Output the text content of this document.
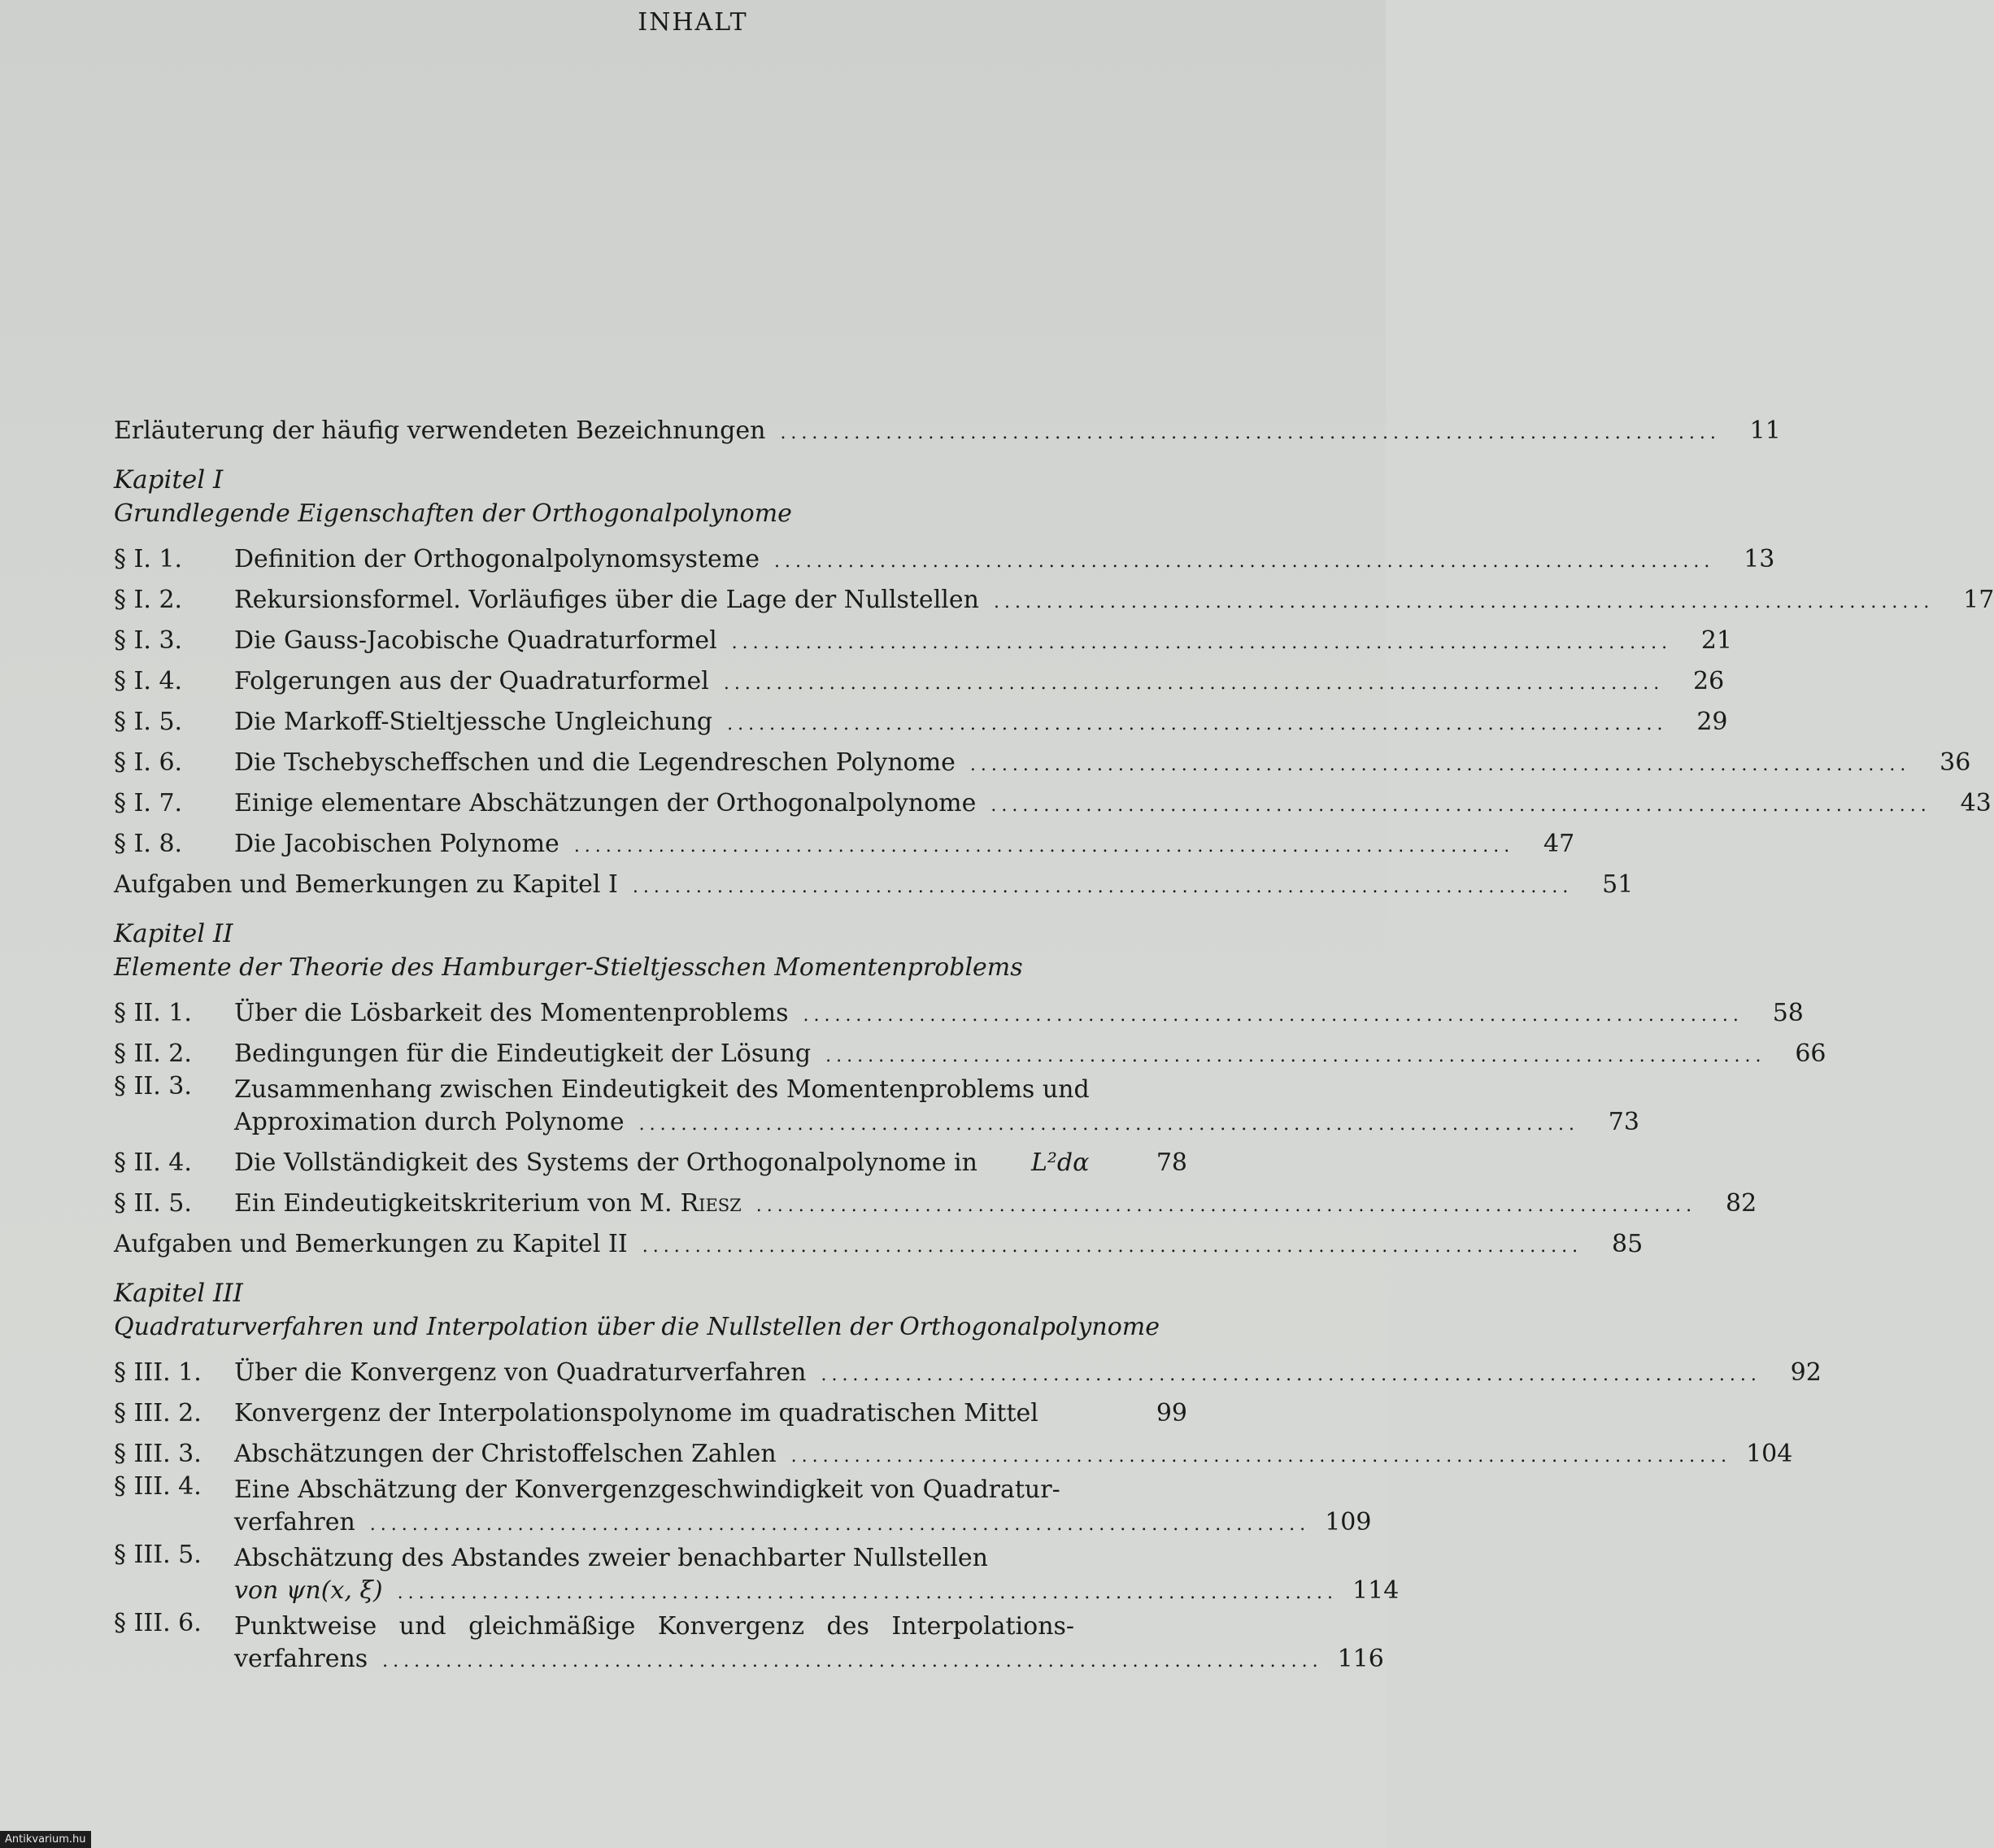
INHALT
Erläuterung der häufig verwendeten Bezeichnungen .........................................................................................	11
Kapitel I
Grundlegende Eigenschaften der Orthogonalpolynome
§ I. 1.	Definition der Orthogonalpolynomsysteme .........................................................................................	13
§ I. 2.	Rekursionsformel. Vorläufiges über die Lage der Nullstellen .........................................................................................	17
§ I. 3.	Die Gauss-Jacobische Quadraturformel .........................................................................................	21
§ I. 4.	Folgerungen aus der Quadraturformel .........................................................................................	26
§ I. 5.	Die Markoff-Stieltjessche Ungleichung .........................................................................................	29
§ I. 6.	Die Tschebyscheffschen und die Legendreschen Polynome .........................................................................................	36
§ I. 7.	Einige elementare Abschätzungen der Orthogonalpolynome .........................................................................................	43
§ I. 8.	Die Jacobischen Polynome .........................................................................................	47
Aufgaben und Bemerkungen zu Kapitel I .........................................................................................	51
Kapitel II
Elemente der Theorie des Hamburger-Stieltjesschen Momentenproblems
§ II. 1.	Über die Lösbarkeit des Momentenproblems .........................................................................................	58
§ II. 2.	Bedingungen für die Eindeutigkeit der Lösung .........................................................................................	66
§ II. 3.	Zusammenhang zwischen Eindeutigkeit des Momentenproblems und
Approximation durch Polynome .........................................................................................	73
§ II. 4.	Die Vollständigkeit des Systems der Orthogonalpolynome in L²dα	78
§ II. 5.	Ein Eindeutigkeitskriterium von M. Riesz .........................................................................................	82
Aufgaben und Bemerkungen zu Kapitel II .........................................................................................	85
Kapitel III
Quadraturverfahren und Interpolation über die Nullstellen der Orthogonalpolynome
§ III. 1.	Über die Konvergenz von Quadraturverfahren .........................................................................................	92
§ III. 2.	Konvergenz der Interpolationspolynome im quadratischen Mittel	99
§ III. 3.	Abschätzungen der Christoffelschen Zahlen ......................................................................................... 104
§ III. 4.	Eine Abschätzung der Konvergenzgeschwindigkeit von Quadratur-
verfahren ......................................................................................... 109
§ III. 5.	Abschätzung des Abstandes zweier benachbarter Nullstellen
von ψn(x, ξ) ......................................................................................... 114
§ III. 6.	Punktweise und gleichmäßige Konvergenz des Interpolations-
verfahrens ......................................................................................... 116
Antikvarium.hu
